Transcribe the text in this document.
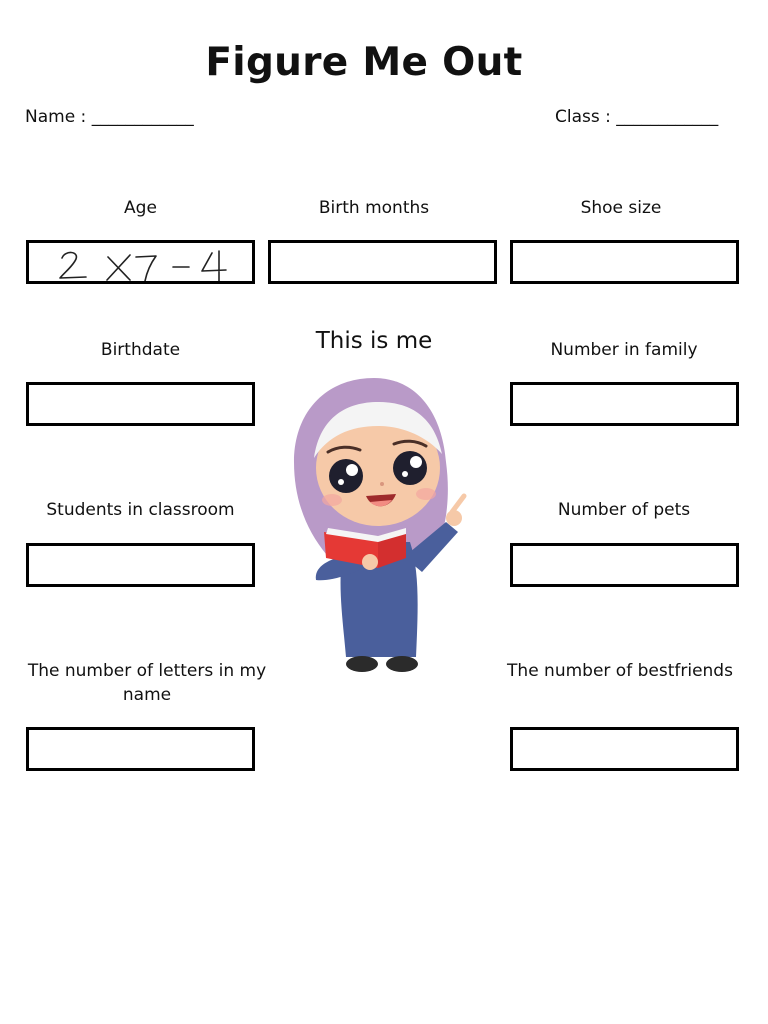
Figure Me Out
Name : ____________	Class : ____________
Age	Birth months	Shoe size
Birthdate	This is me	Number in family
Students in classroom	Number of pets
The number of letters in my name
The number of bestfriends
